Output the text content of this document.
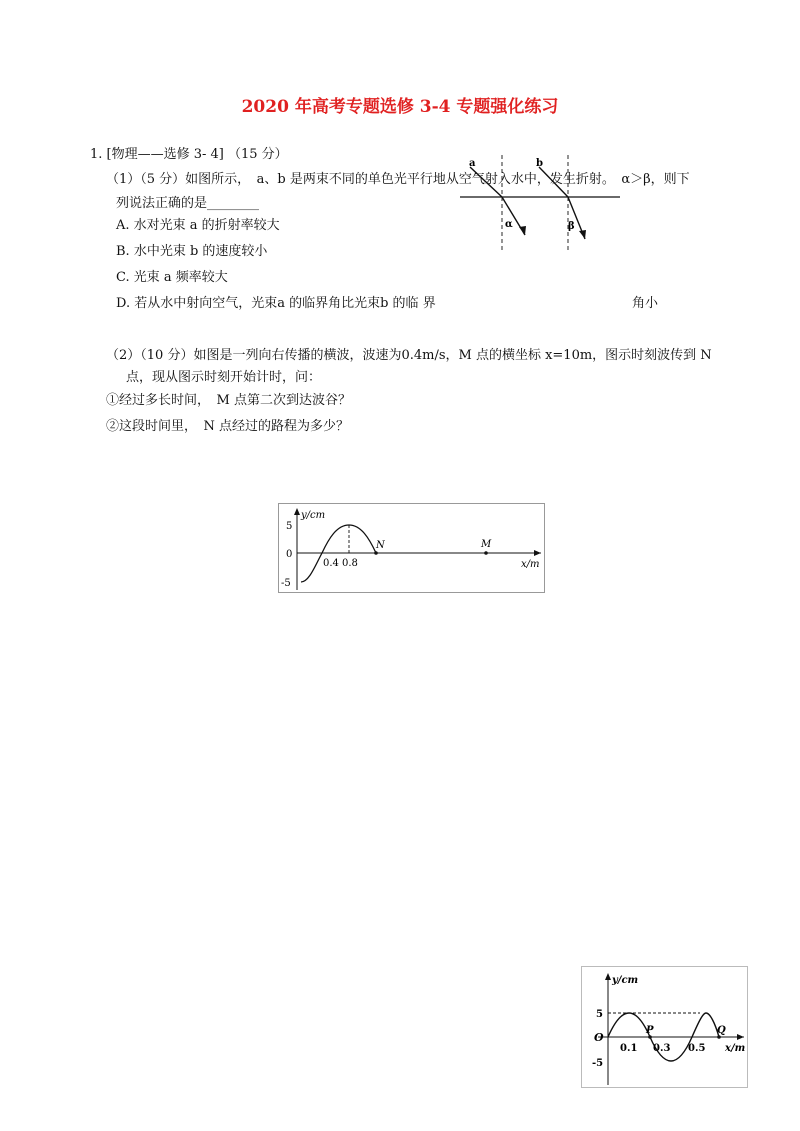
2020 年高考专题选修 3-4 专题强化练习
1. [物理——选修 3- 4] （15 分）
（1）（5 分）如图所示，　a、b 是两束不同的单色光平行地从空气射入水中，发生折射。　α＞β，则下
列说法正确的是________
A. 水对光束 a 的折射率较大
B. 水中光束 b 的速度较小
C. 光束 a 频率较大
D. 若从水中射向空气，光束a 的临界角比光束b 的临 界	角小
a	b
α	β
（2）（10 分）如图是一列向右传播的横波，波速为0.4m/s，M 点的横坐标 x=10m，图示时刻波传到 N
点，现从图示时刻开始计时，问：
①经过多长时间，　M 点第二次到达波谷？
②这段时间里，　N 点经过的路程为多少？
y/cm
x/m
5
0
-5
0.4 0.8
N	M
y/cm
x/m
5
-5
O
0.1 0.3 0.5
P	Q
